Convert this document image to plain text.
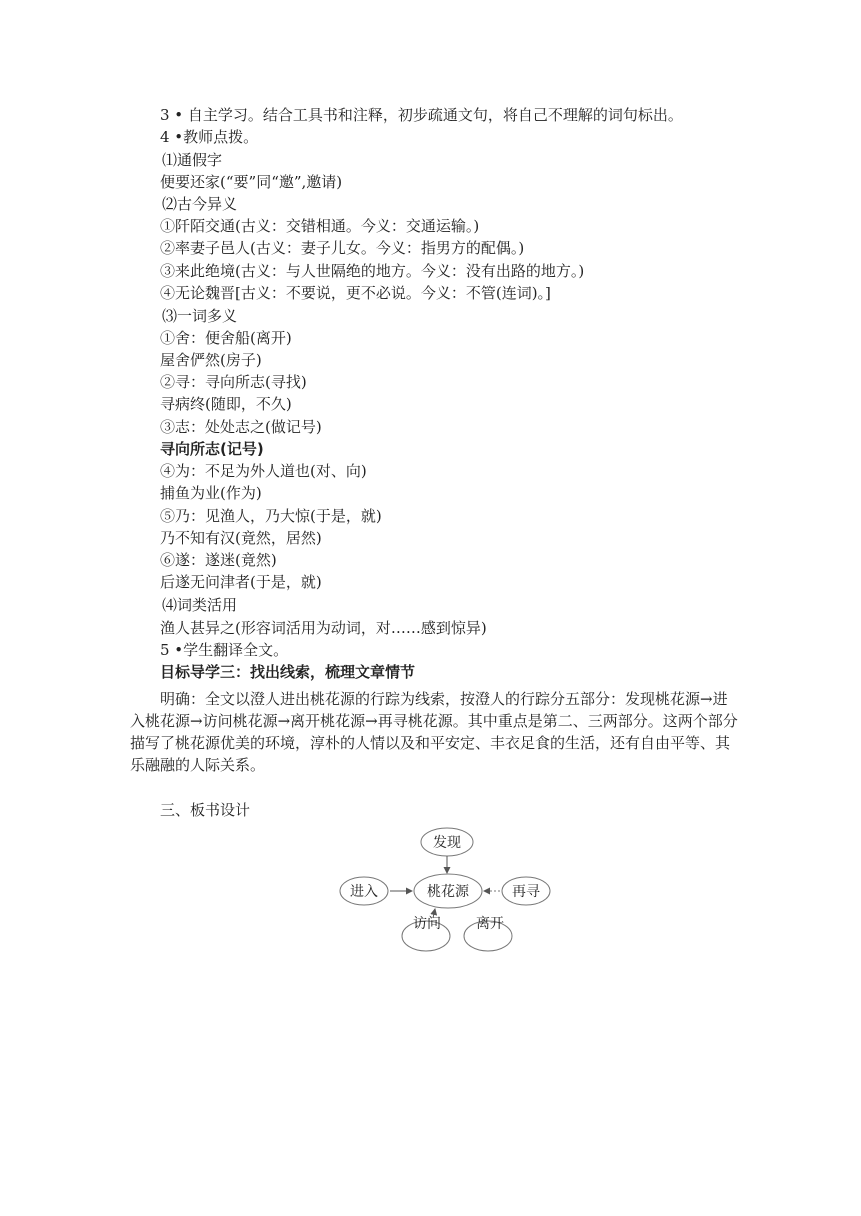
3 • 自主学习。结合工具书和注释，初步疏通文句，将自己不理解的词句标出。
4 •教师点拨。
⑴通假字
便要还家(“要”同“邀”,邀请)
⑵古今异义
①阡陌交通(古义：交错相通。今义：交通运输。)
②率妻子邑人(古义：妻子儿女。今义：指男方的配偶。)
③来此绝境(古义：与人世隔绝的地方。今义：没有出路的地方。)
④无论魏晋[古义：不要说，更不必说。今义：不管(连词)。]
⑶一词多义
①舍：便舍船(离开)
屋舍俨然(房子)
②寻：寻向所志(寻找)
寻病终(随即，不久)
③志：处处志之(做记号)
寻向所志(记号)
④为：不足为外人道也(对、向)
捕鱼为业(作为)
⑤乃：见渔人，乃大惊(于是，就)
乃不知有汉(竟然，居然)
⑥遂：遂迷(竟然)
后遂无问津者(于是，就)
⑷词类活用
渔人甚异之(形容词活用为动词，对……感到惊异)
5 •学生翻译全文。
目标导学三：找出线索，梳理文章情节
明确：全文以澄人进出桃花源的行踪为线索，按澄人的行踪分五部分：发现桃花源→进入桃花源→访问桃花源→离开桃花源→再寻桃花源。其中重点是第二、三两部分。这两个部分描写了桃花源优美的环境，淳朴的人情以及和平安定、丰衣足食的生活，还有自由平等、其乐融融的人际关系。
三、板书设计
发现
桃花源
进入	再寻
访问	离开
